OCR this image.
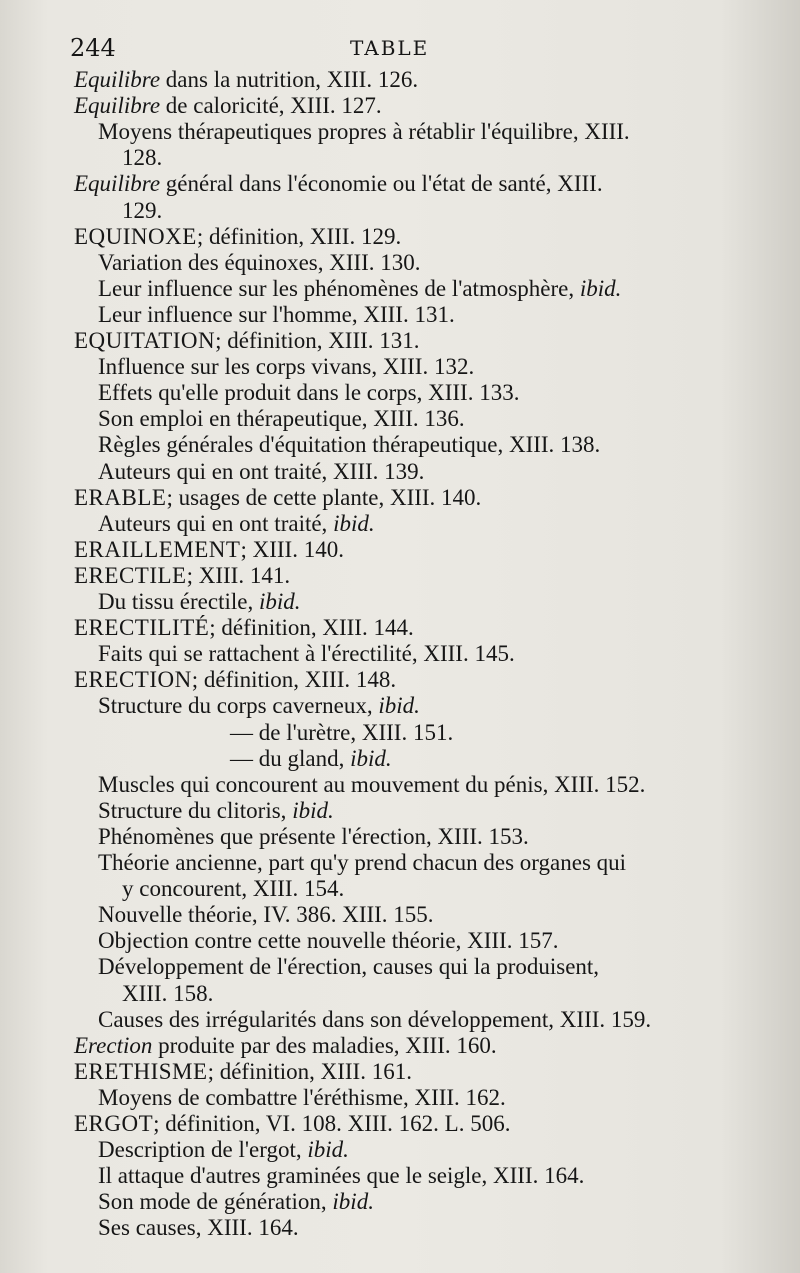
244	TABLE
Equilibre dans la nutrition, XIII. 126.
Equilibre de caloricité, XIII. 127.
Moyens thérapeutiques propres à rétablir l'équilibre, XIII.
128.
Equilibre général dans l'économie ou l'état de santé, XIII.
129.
EQUINOXE; définition, XIII. 129.
Variation des équinoxes, XIII. 130.
Leur influence sur les phénomènes de l'atmosphère, ibid.
Leur influence sur l'homme, XIII. 131.
EQUITATION; définition, XIII. 131.
Influence sur les corps vivans, XIII. 132.
Effets qu'elle produit dans le corps, XIII. 133.
Son emploi en thérapeutique, XIII. 136.
Règles générales d'équitation thérapeutique, XIII. 138.
Auteurs qui en ont traité, XIII. 139.
ERABLE; usages de cette plante, XIII. 140.
Auteurs qui en ont traité, ibid.
ERAILLEMENT; XIII. 140.
ERECTILE; XIII. 141.
Du tissu érectile, ibid.
ERECTILITÉ; définition, XIII. 144.
Faits qui se rattachent à l'érectilité, XIII. 145.
ERECTION; définition, XIII. 148.
Structure du corps caverneux, ibid.
— de l'urètre, XIII. 151.
— du gland, ibid.
Muscles qui concourent au mouvement du pénis, XIII. 152.
Structure du clitoris, ibid.
Phénomènes que présente l'érection, XIII. 153.
Théorie ancienne, part qu'y prend chacun des organes qui
y concourent, XIII. 154.
Nouvelle théorie, IV. 386. XIII. 155.
Objection contre cette nouvelle théorie, XIII. 157.
Développement de l'érection, causes qui la produisent,
XIII. 158.
Causes des irrégularités dans son développement, XIII. 159.
Erection produite par des maladies, XIII. 160.
ERETHISME; définition, XIII. 161.
Moyens de combattre l'éréthisme, XIII. 162.
ERGOT; définition, VI. 108. XIII. 162. L. 506.
Description de l'ergot, ibid.
Il attaque d'autres graminées que le seigle, XIII. 164.
Son mode de génération, ibid.
Ses causes, XIII. 164.
